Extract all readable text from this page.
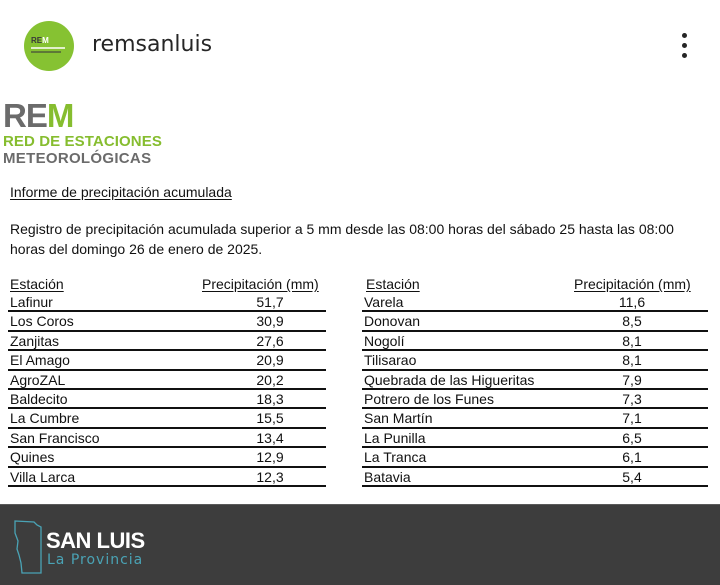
REM remsanluis
REM
RED DE ESTACIONES
METEOROLÓGICAS
Informe de precipitación acumulada
Registro de precipitación acumulada superior a 5 mm desde las 08:00 horas del sábado 25 hasta las 08:00 horas del domingo 26 de enero de 2025.
Estación	Precipitación (mm)
Lafinur	51,7
Los Coros	30,9
Zanjitas	27,6
El Amago	20,9
AgroZAL	20,2
Baldecito	18,3
La Cumbre	15,5
San Francisco	13,4
Quines	12,9
Villa Larca	12,3
Estación	Precipitación (mm)
Varela	11,6
Donovan	8,5
Nogolí	8,1
Tilisarao	8,1
Quebrada de las Higueritas	7,9
Potrero de los Funes	7,3
San Martín	7,1
La Punilla	6,5
La Tranca	6,1
Batavia	5,4
SAN LUIS
La Provincia
